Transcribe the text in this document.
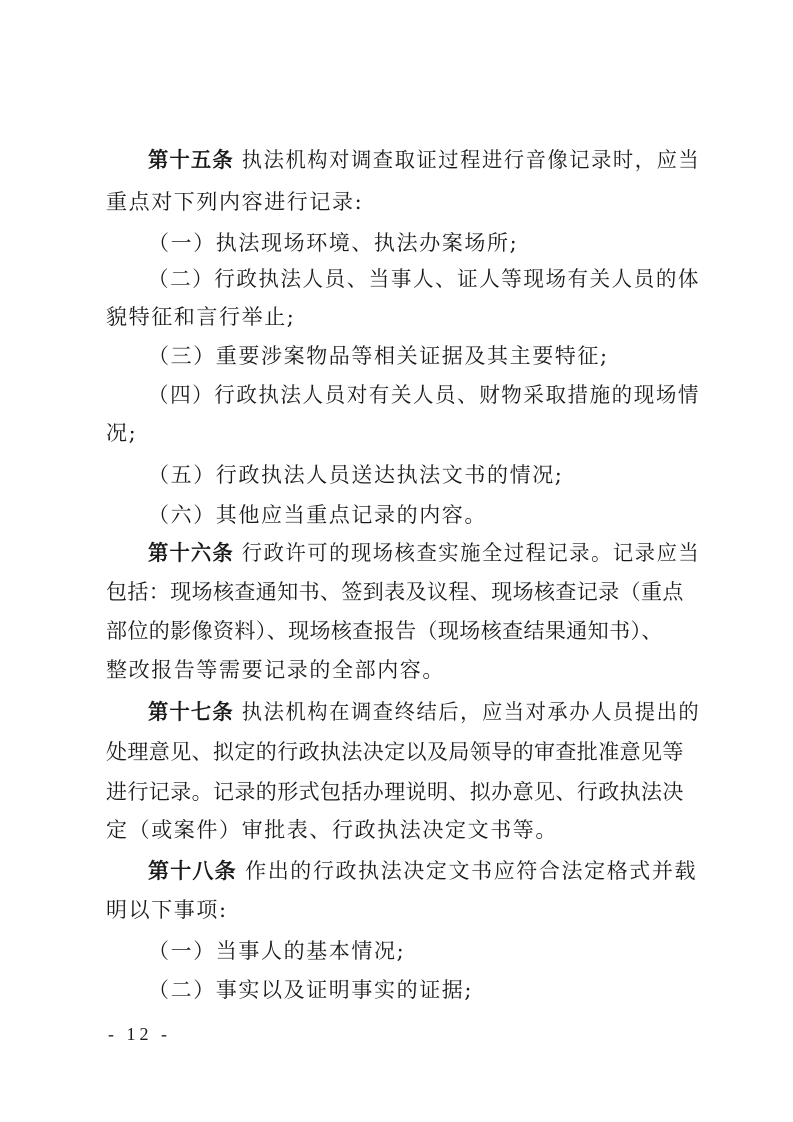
第十五条 执法机构对调查取证过程进行音像记录时，应当
重点对下列内容进行记录:
（一）执法现场环境、执法办案场所;
（二）行政执法人员、当事人、证人等现场有关人员的体
貌特征和言行举止;
（三）重要涉案物品等相关证据及其主要特征;
（四）行政执法人员对有关人员、财物采取措施的现场情
况;
（五）行政执法人员送达执法文书的情况;
（六）其他应当重点记录的内容。
第十六条 行政许可的现场核查实施全过程记录。记录应当
包括：现场核查通知书、签到表及议程、现场核查记录（重点
部位的影像资料）、现场核查报告（现场核查结果通知书）、
整改报告等需要记录的全部内容。
第十七条 执法机构在调查终结后，应当对承办人员提出的
处理意见、拟定的行政执法决定以及局领导的审查批准意见等
进行记录。记录的形式包括办理说明、拟办意见、行政执法决
定（或案件）审批表、行政执法决定文书等。
第十八条 作出的行政执法决定文书应符合法定格式并载
明以下事项:
（一）当事人的基本情况;
（二）事实以及证明事实的证据;
- 12 -
